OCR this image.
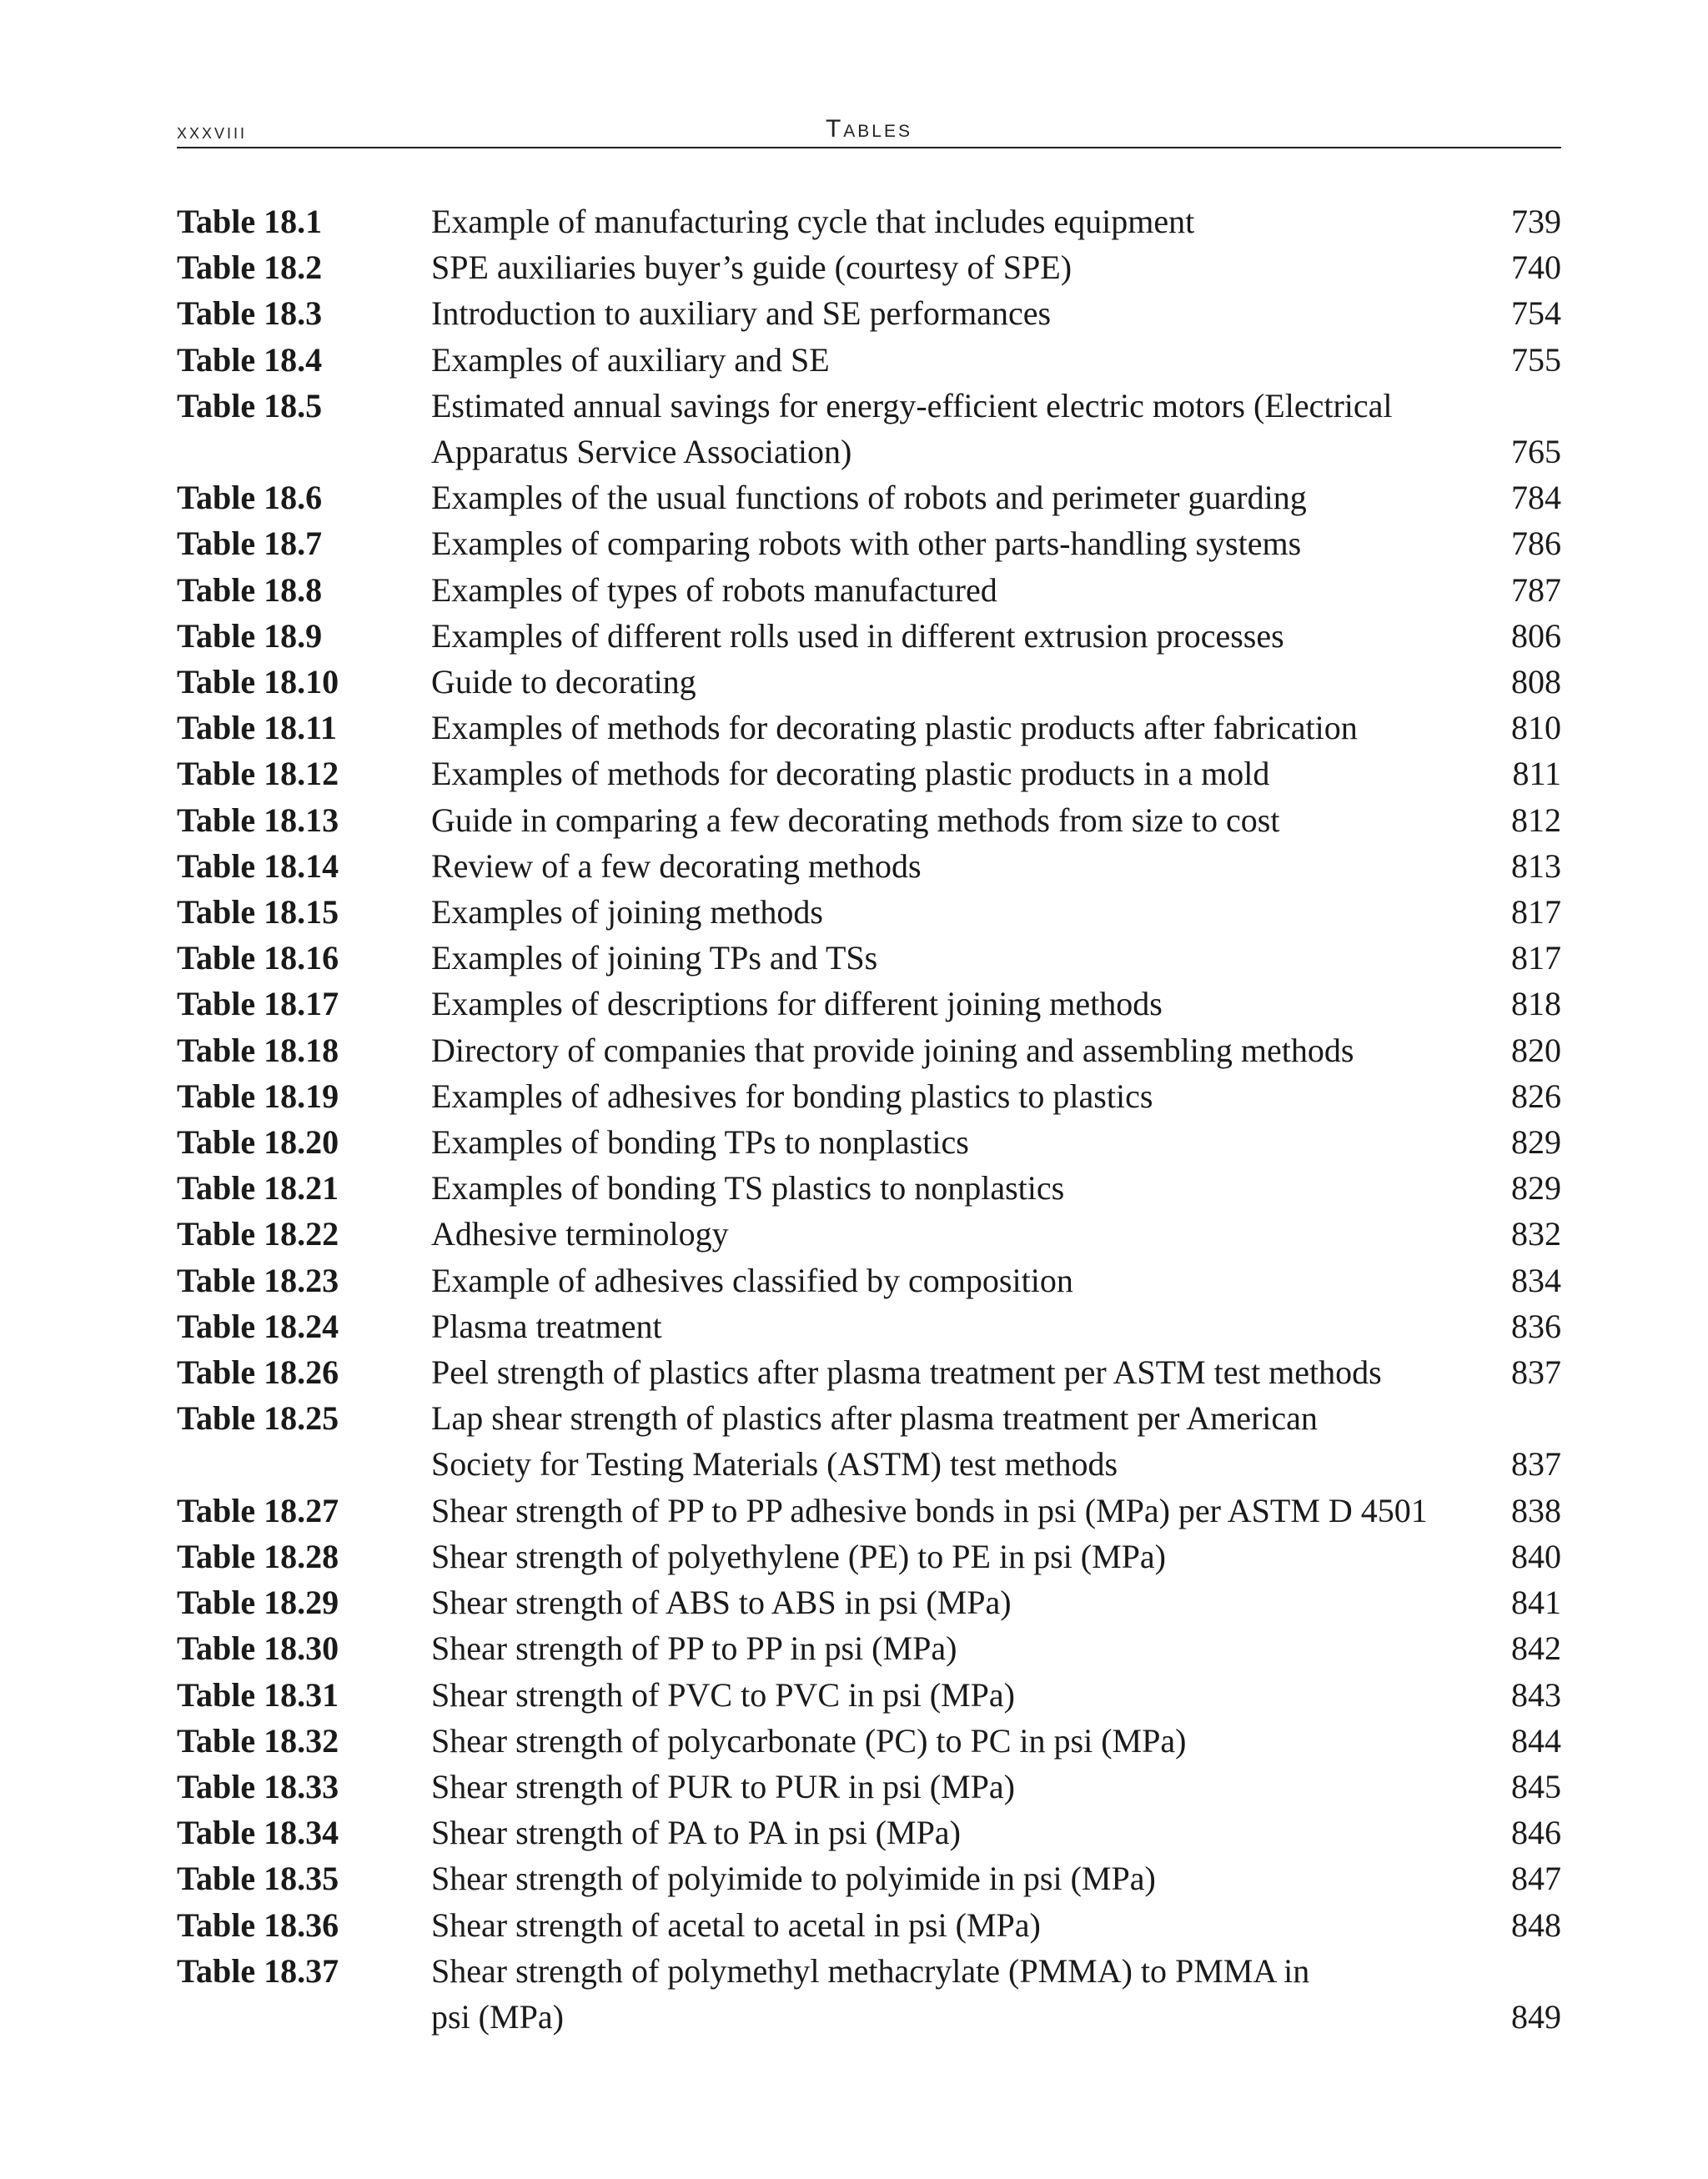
xxxviii	Tables
Table 18.1	Example of manufacturing cycle that includes equipment	739
Table 18.2	SPE auxiliaries buyer’s guide (courtesy of SPE)	740
Table 18.3	Introduction to auxiliary and SE performances	754
Table 18.4	Examples of auxiliary and SE	755
Table 18.5	Estimated annual savings for energy-efficient electric motors (Electrical
Apparatus Service Association)	765
Table 18.6	Examples of the usual functions of robots and perimeter guarding	784
Table 18.7	Examples of comparing robots with other parts-handling systems	786
Table 18.8	Examples of types of robots manufactured	787
Table 18.9	Examples of different rolls used in different extrusion processes	806
Table 18.10	Guide to decorating	808
Table 18.11	Examples of methods for decorating plastic products after fabrication	810
Table 18.12	Examples of methods for decorating plastic products in a mold	811
Table 18.13	Guide in comparing a few decorating methods from size to cost	812
Table 18.14	Review of a few decorating methods	813
Table 18.15	Examples of joining methods	817
Table 18.16	Examples of joining TPs and TSs	817
Table 18.17	Examples of descriptions for different joining methods	818
Table 18.18	Directory of companies that provide joining and assembling methods	820
Table 18.19	Examples of adhesives for bonding plastics to plastics	826
Table 18.20	Examples of bonding TPs to nonplastics	829
Table 18.21	Examples of bonding TS plastics to nonplastics	829
Table 18.22	Adhesive terminology	832
Table 18.23	Example of adhesives classified by composition	834
Table 18.24	Plasma treatment	836
Table 18.26	Peel strength of plastics after plasma treatment per ASTM test methods	837
Table 18.25	Lap shear strength of plastics after plasma treatment per American
Society for Testing Materials (ASTM) test methods	837
Table 18.27	Shear strength of PP to PP adhesive bonds in psi (MPa) per ASTM D 4501	838
Table 18.28	Shear strength of polyethylene (PE) to PE in psi (MPa)	840
Table 18.29	Shear strength of ABS to ABS in psi (MPa)	841
Table 18.30	Shear strength of PP to PP in psi (MPa)	842
Table 18.31	Shear strength of PVC to PVC in psi (MPa)	843
Table 18.32	Shear strength of polycarbonate (PC) to PC in psi (MPa)	844
Table 18.33	Shear strength of PUR to PUR in psi (MPa)	845
Table 18.34	Shear strength of PA to PA in psi (MPa)	846
Table 18.35	Shear strength of polyimide to polyimide in psi (MPa)	847
Table 18.36	Shear strength of acetal to acetal in psi (MPa)	848
Table 18.37	Shear strength of polymethyl methacrylate (PMMA) to PMMA in
psi (MPa)	849
